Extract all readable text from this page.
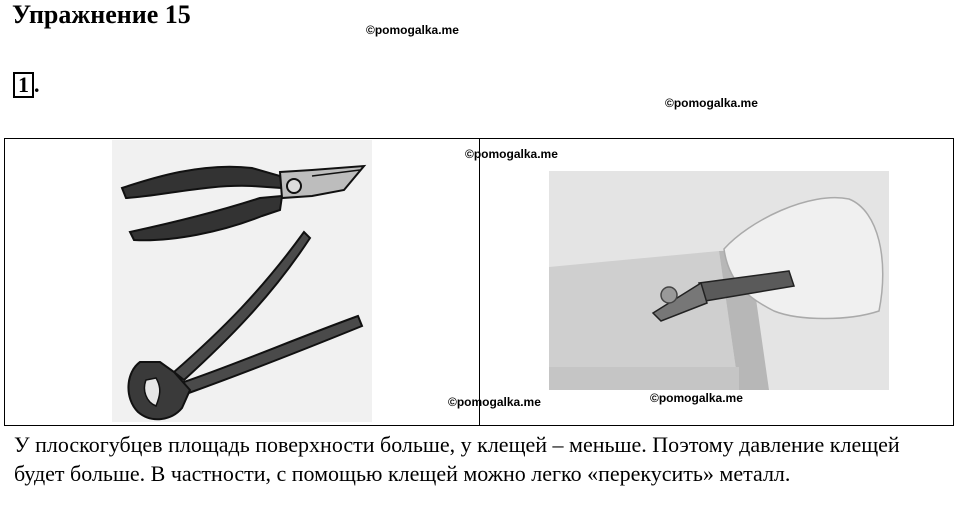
Упражнение 15
©pomogalka.me
©pomogalka.me
1 .
©pomogalka.me
©pomogalka.me	©pomogalka.me
У плоскогубцев площадь поверхности больше, у клещей – меньше. Поэтому давление клещей будет больше. В частности, с помощью клещей можно легко «перекусить» металл.
